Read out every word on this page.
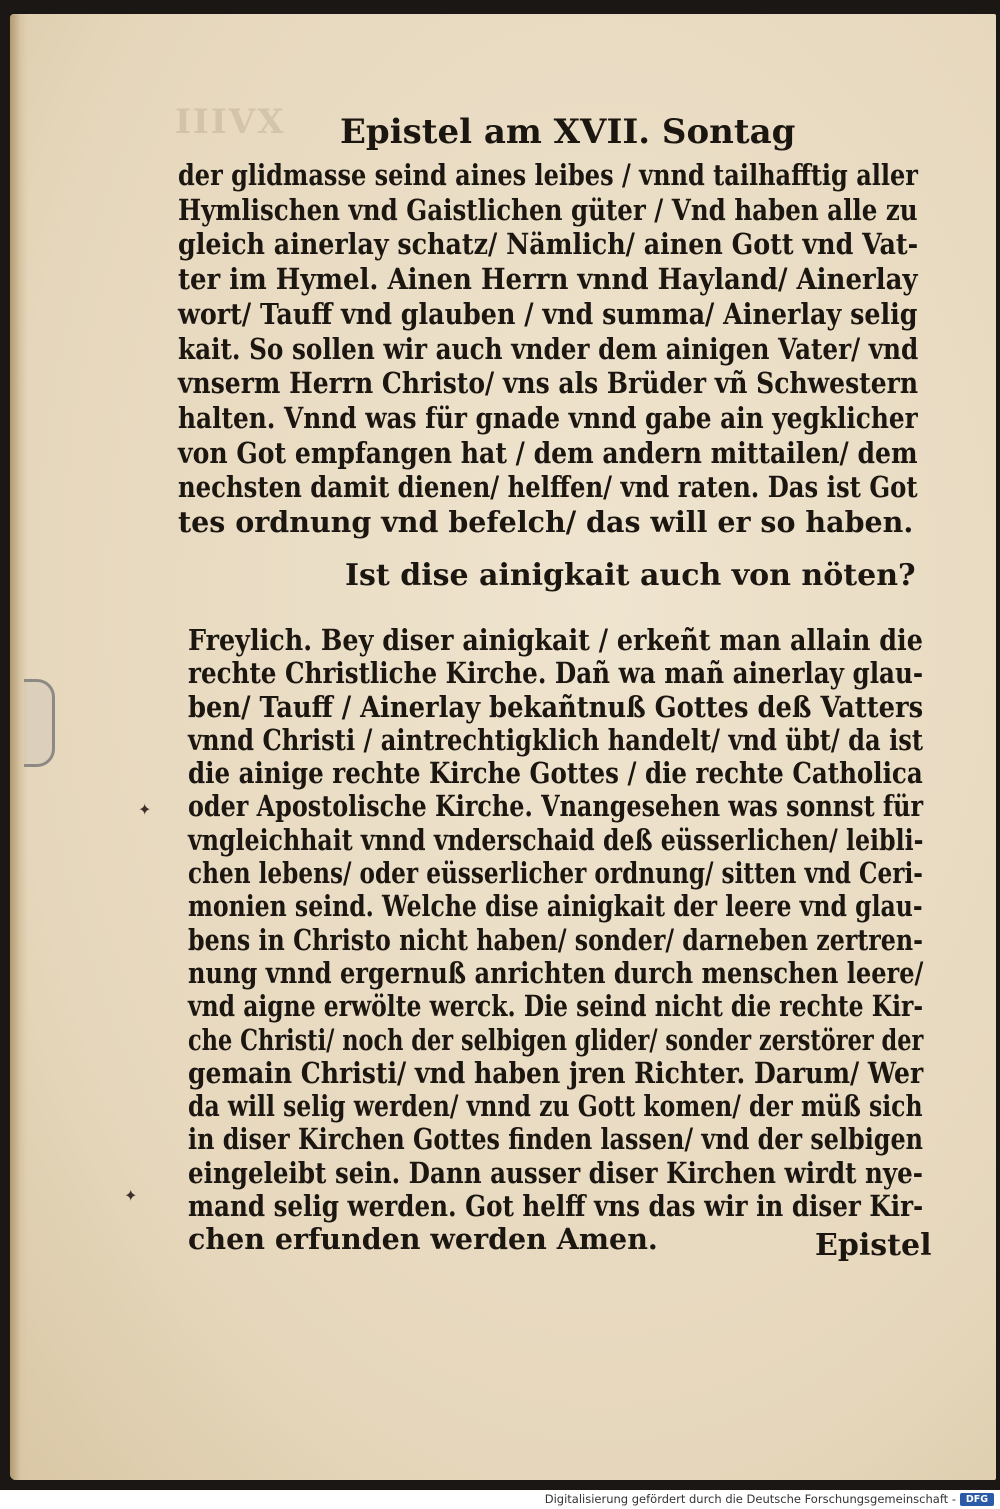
IIIVX Epistel am XVII. Sontag
der glidmasse seind aines leibes / vnnd tailhafftig aller
Hymlischen vnd Gaistlichen güter / Vnd haben alle zu
gleich ainerlay schatz/ Nämlich/ ainen Gott vnd Vat-
ter im Hymel. Ainen Herrn vnnd Hayland/ Ainerlay
wort/ Tauff vnd glauben / vnd summa/ Ainerlay selig
kait. So sollen wir auch vnder dem ainigen Vater/ vnd
vnserm Herrn Christo/ vns als Brüder vñ Schwestern
halten. Vnnd was für gnade vnnd gabe ain yegklicher
von Got empfangen hat / dem andern mittailen/ dem
nechsten damit dienen/ helffen/ vnd raten. Das ist Got
tes ordnung vnd befelch/ das will er so haben.
Ist dise ainigkait auch von nöten?
Freylich. Bey diser ainigkait / erkeñt man allain die
rechte Christliche Kirche. Dañ wa mañ ainerlay glau-
ben/ Tauff / Ainerlay bekañtnuß Gottes deß Vatters
vnnd Christi / aintrechtigklich handelt/ vnd übt/ da ist
die ainige rechte Kirche Gottes / die rechte Catholica
oder Apostolische Kirche. Vnangesehen was sonnst für
vngleichhait vnnd vnderschaid deß eüsserlichen/ leibli-
chen lebens/ oder eüsserlicher ordnung/ sitten vnd Ceri-
monien seind. Welche dise ainigkait der leere vnd glau-
bens in Christo nicht haben/ sonder/ darneben zertren-
nung vnnd ergernuß anrichten durch menschen leere/
vnd aigne erwölte werck. Die seind nicht die rechte Kir-
che Christi/ noch der selbigen glider/ sonder zerstörer der
gemain Christi/ vnd haben jren Richter. Darum/ Wer
da will selig werden/ vnnd zu Gott komen/ der müß sich
in diser Kirchen Gottes finden lassen/ vnd der selbigen
eingeleibt sein. Dann ausser diser Kirchen wirdt nye-
mand selig werden. Got helff vns das wir in diser Kir-
chen erfunden werden Amen.	Epistel
✦
✦
Digitalisierung gefördert durch die Deutsche Forschungsgemeinschaft -	DFG
